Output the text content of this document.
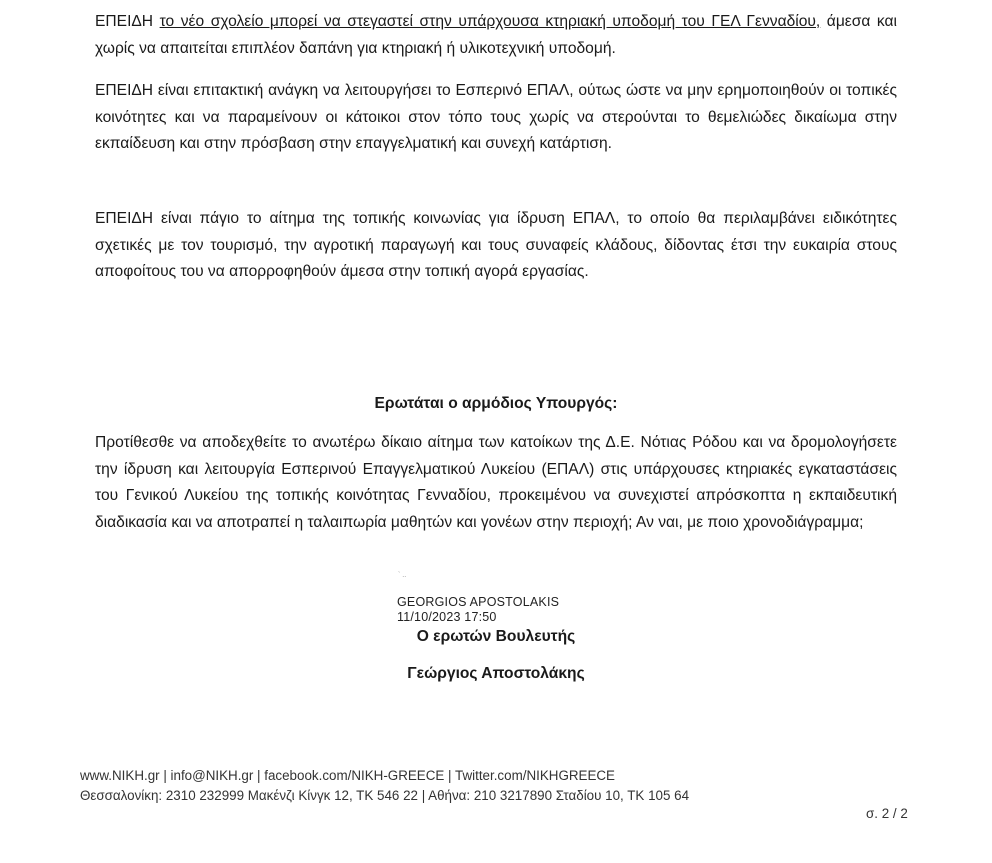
ΕΠΕΙΔΗ το νέο σχολείο μπορεί να στεγαστεί στην υπάρχουσα κτηριακή υποδομή του ΓΕΛ Γενναδίου, άμεσα και χωρίς να απαιτείται επιπλέον δαπάνη για κτηριακή ή υλικοτεχνική υποδομή.

ΕΠΕΙΔΗ είναι επιτακτική ανάγκη να λειτουργήσει το Εσπερινό ΕΠΑΛ, ούτως ώστε να μην ερημοποιηθούν οι τοπικές κοινότητες και να παραμείνουν οι κάτοικοι στον τόπο τους χωρίς να στερούνται το θεμελιώδες δικαίωμα στην εκπαίδευση και στην πρόσβαση στην επαγγελματική και συνεχή κατάρτιση.

ΕΠΕΙΔΗ είναι πάγιο το αίτημα της τοπικής κοινωνίας για ίδρυση ΕΠΑΛ, το οποίο θα περιλαμβάνει ειδικότητες σχετικές με τον τουρισμό, την αγροτική παραγωγή και τους συναφείς κλάδους, δίδοντας έτσι την ευκαιρία στους αποφοίτους του να απορροφηθούν άμεσα στην τοπική αγορά εργασίας.

Ερωτάται ο αρμόδιος Υπουργός:

Προτίθεσθε να αποδεχθείτε το ανωτέρω δίκαιο αίτημα των κατοίκων της Δ.Ε. Νότιας Ρόδου και να δρομολογήσετε την ίδρυση και λειτουργία Εσπερινού Επαγγελματικού Λυκείου (ΕΠΑΛ) στις υπάρχουσες κτηριακές εγκαταστάσεις του Γενικού Λυκείου της τοπικής κοινότητας Γενναδίου, προκειμένου να συνεχιστεί απρόσκοπτα η εκπαιδευτική διαδικασία και να αποτραπεί η ταλαιπωρία μαθητών και γονέων στην περιοχή; Αν ναι, με ποιο χρονοδιάγραμμα;

` ..
GEORGIOS APOSTOLAKIS
11/10/2023 17:50

Ο ερωτών Βουλευτής

Γεώργιος Αποστολάκης

www.NIKH.gr | info@NIKH.gr | facebook.com/NIKH-GREECE | Twitter.com/NIKHGREECE
Θεσσαλονίκη: 2310 232999 Μακένζι Κίνγκ 12, ΤΚ 546 22 | Αθήνα: 210 3217890 Σταδίου 10, ΤΚ 105 64
σ. 2 / 2
